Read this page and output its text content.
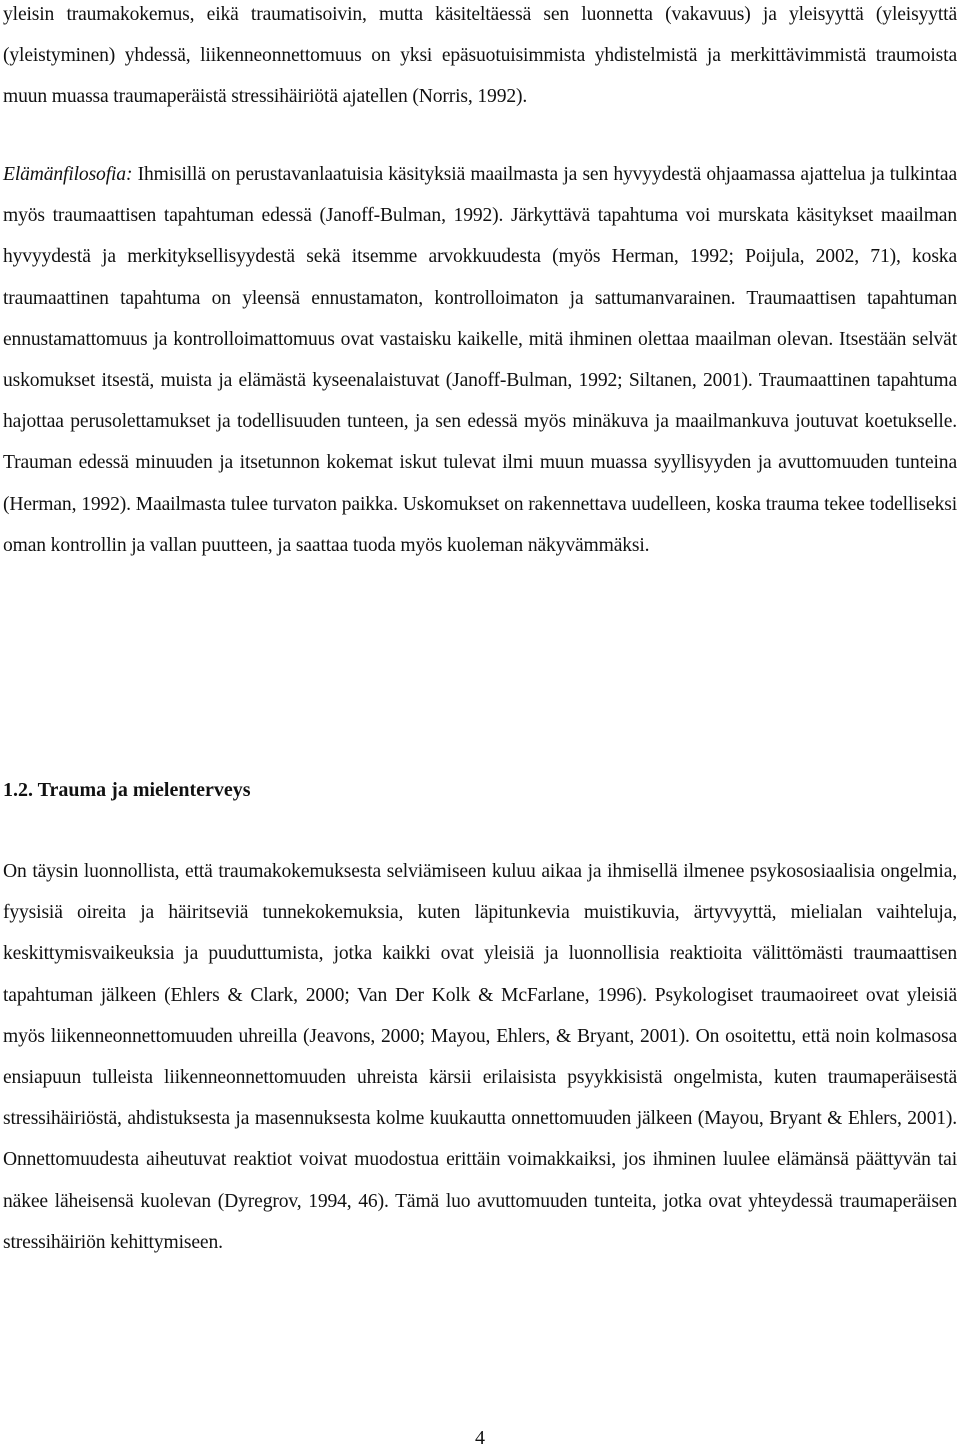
yleisin traumakokemus, eikä traumatisoivin, mutta käsiteltäessä sen luonnetta (vakavuus) ja yleisyyttä (yleisyyttä (yleistyminen) yhdessä, liikenneonnettomuus on yksi epäsuotuisimmista yhdistelmistä ja merkittävimmistä traumoista muun muassa traumaperäistä stressihäiriötä ajatellen (Norris, 1992).

Elämänfilosofia: Ihmisillä on perustavanlaatuisia käsityksiä maailmasta ja sen hyvyydestä ohjaamassa ajattelua ja tulkintaa myös traumaattisen tapahtuman edessä (Janoff-Bulman, 1992). Järkyttävä tapahtuma voi murskata käsitykset maailman hyvyydestä ja merkityksellisyydestä sekä itsemme arvokkuudesta (myös Herman, 1992; Poijula, 2002, 71), koska traumaattinen tapahtuma on yleensä ennustamaton, kontrolloimaton ja sattumanvarainen. Traumaattisen tapahtuman ennustamattomuus ja kontrolloimattomuus ovat vastaisku kaikelle, mitä ihminen olettaa maailman olevan. Itsestään selvät uskomukset itsestä, muista ja elämästä kyseenalaistuvat (Janoff-Bulman, 1992; Siltanen, 2001). Traumaattinen tapahtuma hajottaa perusolettamukset ja todellisuuden tunteen, ja sen edessä myös minäkuva ja maailmankuva joutuvat koetukselle. Trauman edessä minuuden ja itsetunnon kokemat iskut tulevat ilmi muun muassa syyllisyyden ja avuttomuuden tunteina (Herman, 1992). Maailmasta tulee turvaton paikka. Uskomukset on rakennettava uudelleen, koska trauma tekee todelliseksi oman kontrollin ja vallan puutteen, ja saattaa tuoda myös kuoleman näkyvämmäksi.

1.2. Trauma ja mielenterveys

On täysin luonnollista, että traumakokemuksesta selviämiseen kuluu aikaa ja ihmisellä ilmenee psykososiaalisia ongelmia, fyysisiä oireita ja häiritseviä tunnekokemuksia, kuten läpitunkevia muistikuvia, ärtyvyyttä, mielialan vaihteluja, keskittymisvaikeuksia ja puuduttumista, jotka kaikki ovat yleisiä ja luonnollisia reaktioita välittömästi traumaattisen tapahtuman jälkeen (Ehlers & Clark, 2000; Van Der Kolk & McFarlane, 1996). Psykologiset traumaoireet ovat yleisiä myös liikenneonnettomuuden uhreilla (Jeavons, 2000; Mayou, Ehlers, & Bryant, 2001). On osoitettu, että noin kolmasosa ensiapuun tulleista liikenneonnettomuuden uhreista kärsii erilaisista psyykkisistä ongelmista, kuten traumaperäisestä stressihäiriöstä, ahdistuksesta ja masennuksesta kolme kuukautta onnettomuuden jälkeen (Mayou, Bryant & Ehlers, 2001). Onnettomuudesta aiheutuvat reaktiot voivat muodostua erittäin voimakkaiksi, jos ihminen luulee elämänsä päättyvän tai näkee läheisensä kuolevan (Dyregrov, 1994, 46). Tämä luo avuttomuuden tunteita, jotka ovat yhteydessä traumaperäisen stressihäiriön kehittymiseen.

4
